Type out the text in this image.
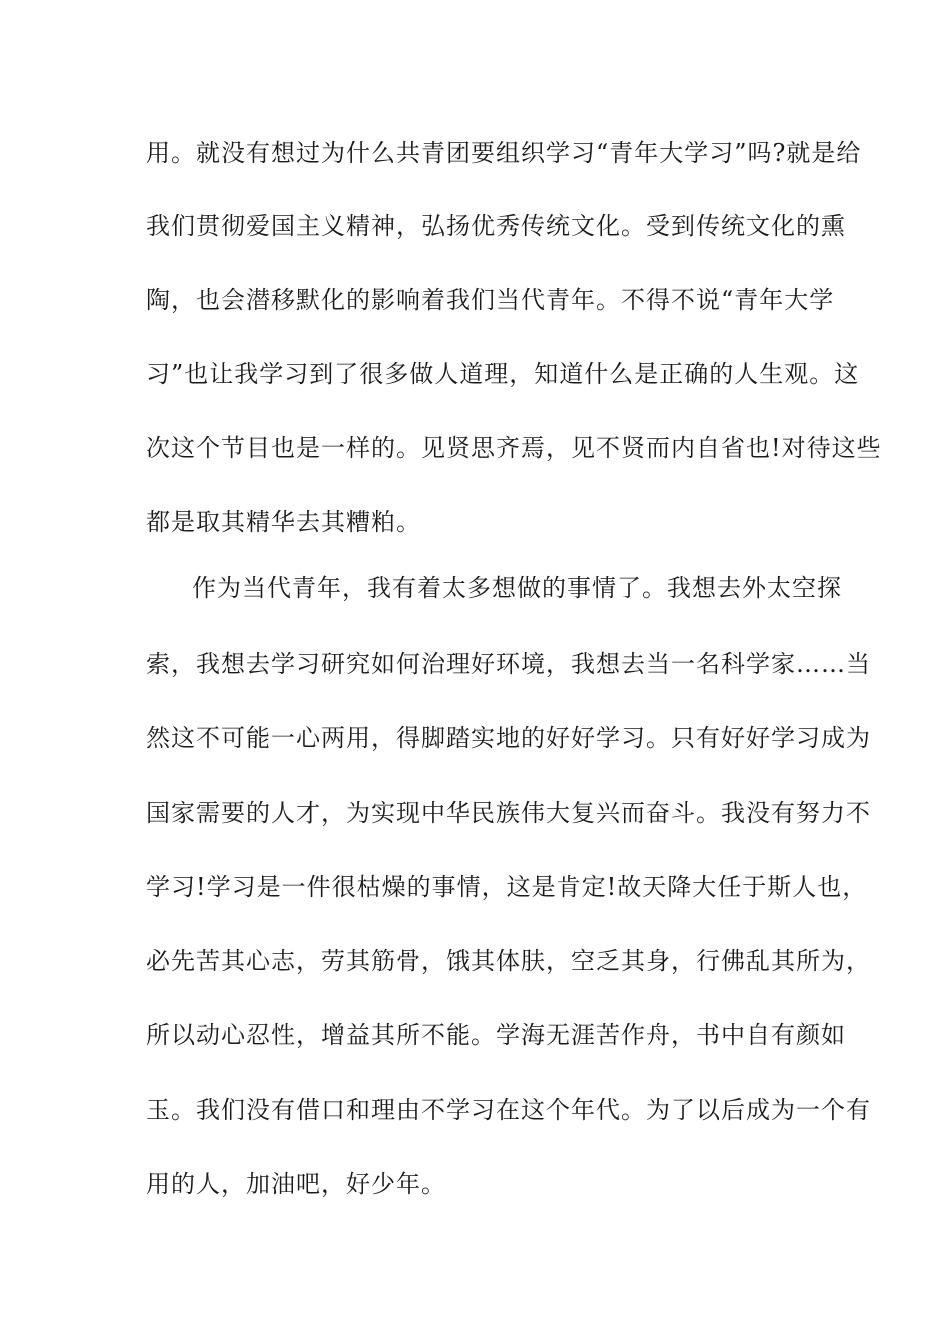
用。就没有想过为什么共青团要组织学习“青年大学习”吗?就是给
我们贯彻爱国主义精神，弘扬优秀传统文化。受到传统文化的熏
陶，也会潜移默化的影响着我们当代青年。不得不说“青年大学
习”也让我学习到了很多做人道理，知道什么是正确的人生观。这
次这个节目也是一样的。见贤思齐焉，见不贤而内自省也!对待这些
都是取其精华去其糟粕。
作为当代青年，我有着太多想做的事情了。我想去外太空探
索，我想去学习研究如何治理好环境，我想去当一名科学家……当
然这不可能一心两用，得脚踏实地的好好学习。只有好好学习成为
国家需要的人才，为实现中华民族伟大复兴而奋斗。我没有努力不
学习!学习是一件很枯燥的事情，这是肯定!故天降大任于斯人也，
必先苦其心志，劳其筋骨，饿其体肤，空乏其身，行佛乱其所为，
所以动心忍性，增益其所不能。学海无涯苦作舟，书中自有颜如
玉。我们没有借口和理由不学习在这个年代。为了以后成为一个有
用的人，加油吧，好少年。
